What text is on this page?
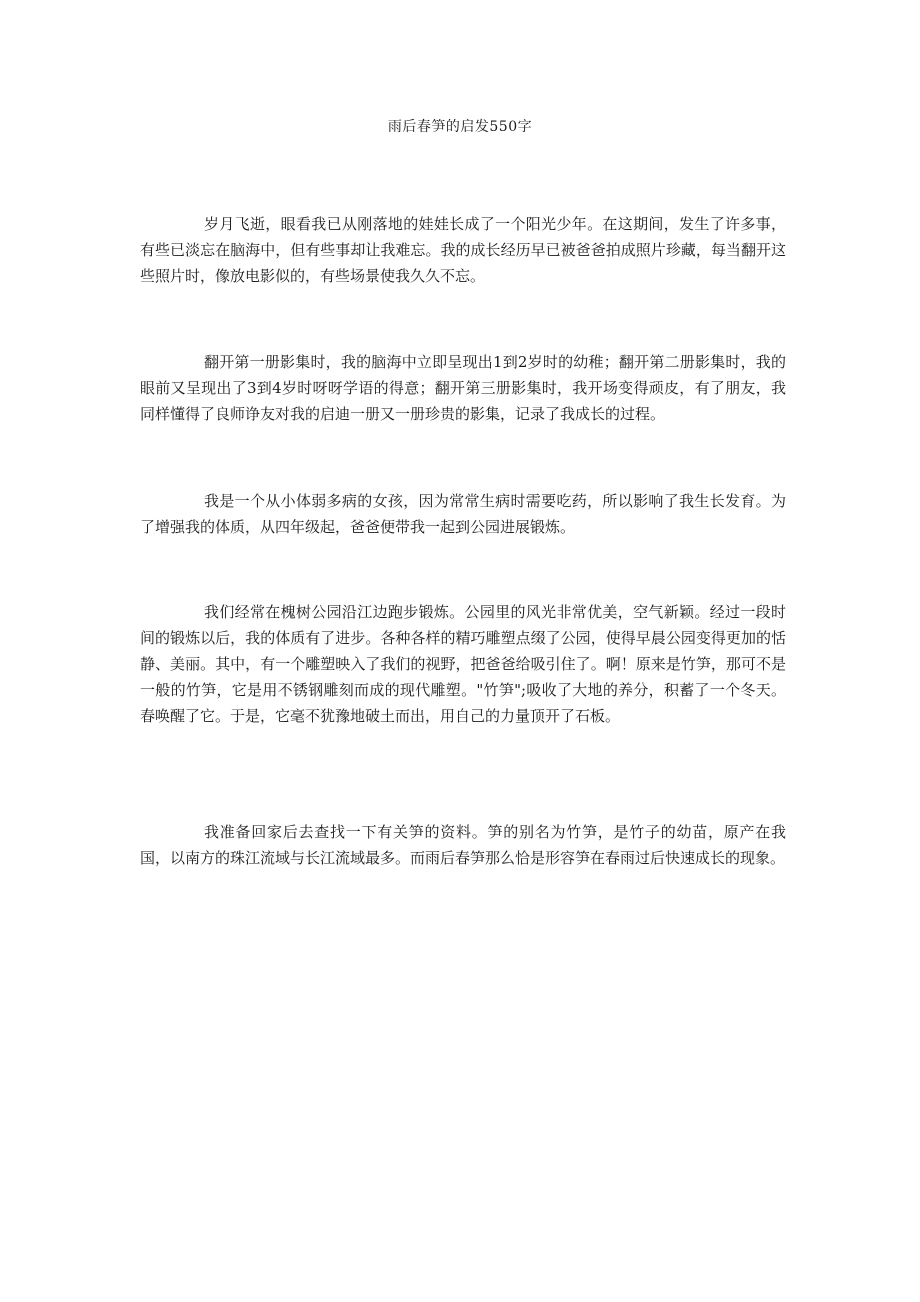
雨后春笋的启发550字

岁月飞逝，眼看我已从刚落地的娃娃长成了一个阳光少年。在这期间，发生了许多事，有些已淡忘在脑海中，但有些事却让我难忘。我的成长经历早已被爸爸拍成照片珍藏，每当翻开这些照片时，像放电影似的，有些场景使我久久不忘。

翻开第一册影集时，我的脑海中立即呈现出1到2岁时的幼稚；翻开第二册影集时，我的眼前又呈现出了3到4岁时呀呀学语的得意；翻开第三册影集时，我开场变得顽皮，有了朋友，我同样懂得了良师诤友对我的启迪一册又一册珍贵的影集，记录了我成长的过程。

我是一个从小体弱多病的女孩，因为常常生病时需要吃药，所以影响了我生长发育。为了增强我的体质，从四年级起，爸爸便带我一起到公园进展锻炼。

我们经常在槐树公园沿江边跑步锻炼。公园里的风光非常优美，空气新颖。经过一段时间的锻炼以后，我的体质有了进步。各种各样的精巧雕塑点缀了公园，使得早晨公园变得更加的恬静、美丽。其中，有一个雕塑映入了我们的视野，把爸爸给吸引住了。啊！原来是竹笋，那可不是一般的竹笋，它是用不锈钢雕刻而成的现代雕塑。"竹笋";吸收了大地的养分，积蓄了一个冬天。春唤醒了它。于是，它毫不犹豫地破土而出，用自己的力量顶开了石板。

我准备回家后去查找一下有关笋的资料。笋的别名为竹笋，是竹子的幼苗，原产在我国，以南方的珠江流域与长江流域最多。而雨后春笋那么恰是形容笋在春雨过后快速成长的现象。
